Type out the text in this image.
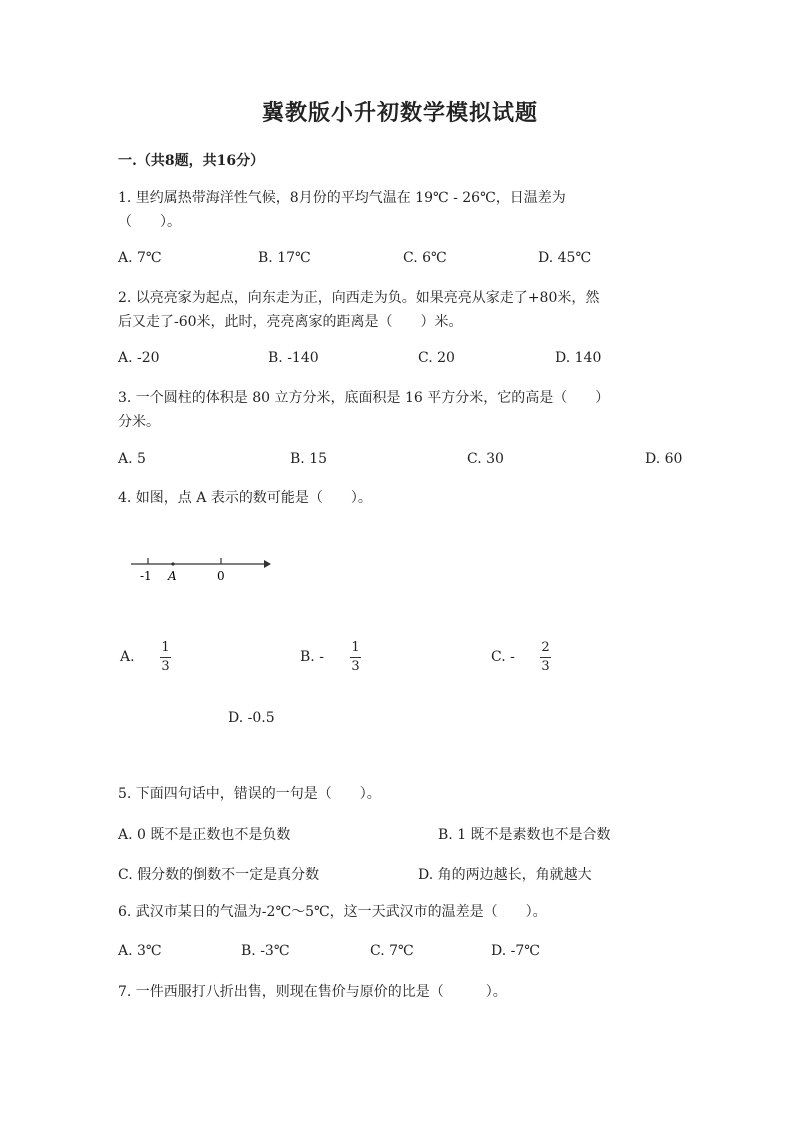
冀教版小升初数学模拟试题
一.（共8题，共16分）
1. 里约属热带海洋性气候，8月份的平均气温在 19℃ - 26℃，日温差为
（　　）。
A. 7℃	B. 17℃	C. 6℃	D. 45℃
2. 以亮亮家为起点，向东走为正，向西走为负。如果亮亮从家走了+80米，然
后又走了-60米，此时，亮亮离家的距离是（　　）米。
A. -20	B. -140	C. 20	D. 140
3. 一个圆柱的体积是 80 立方分米，底面积是 16 平方分米，它的高是（　　）
分米。
A. 5	B. 15	C. 30	D. 60
4. 如图，点 A 表示的数可能是（　　）。
-1 A	0
A.
1
3
B. -
1
3
C. -
2
3
D. -0.5
5. 下面四句话中，错误的一句是（　　）。
A. 0 既不是正数也不是负数	B. 1 既不是素数也不是合数
C. 假分数的倒数不一定是真分数	D. 角的两边越长，角就越大
6. 武汉市某日的气温为-2℃～5℃，这一天武汉市的温差是（　　）。
A. 3℃	B. -3℃	C. 7℃	D. -7℃
7. 一件西服打八折出售，则现在售价与原价的比是（　　　）。
